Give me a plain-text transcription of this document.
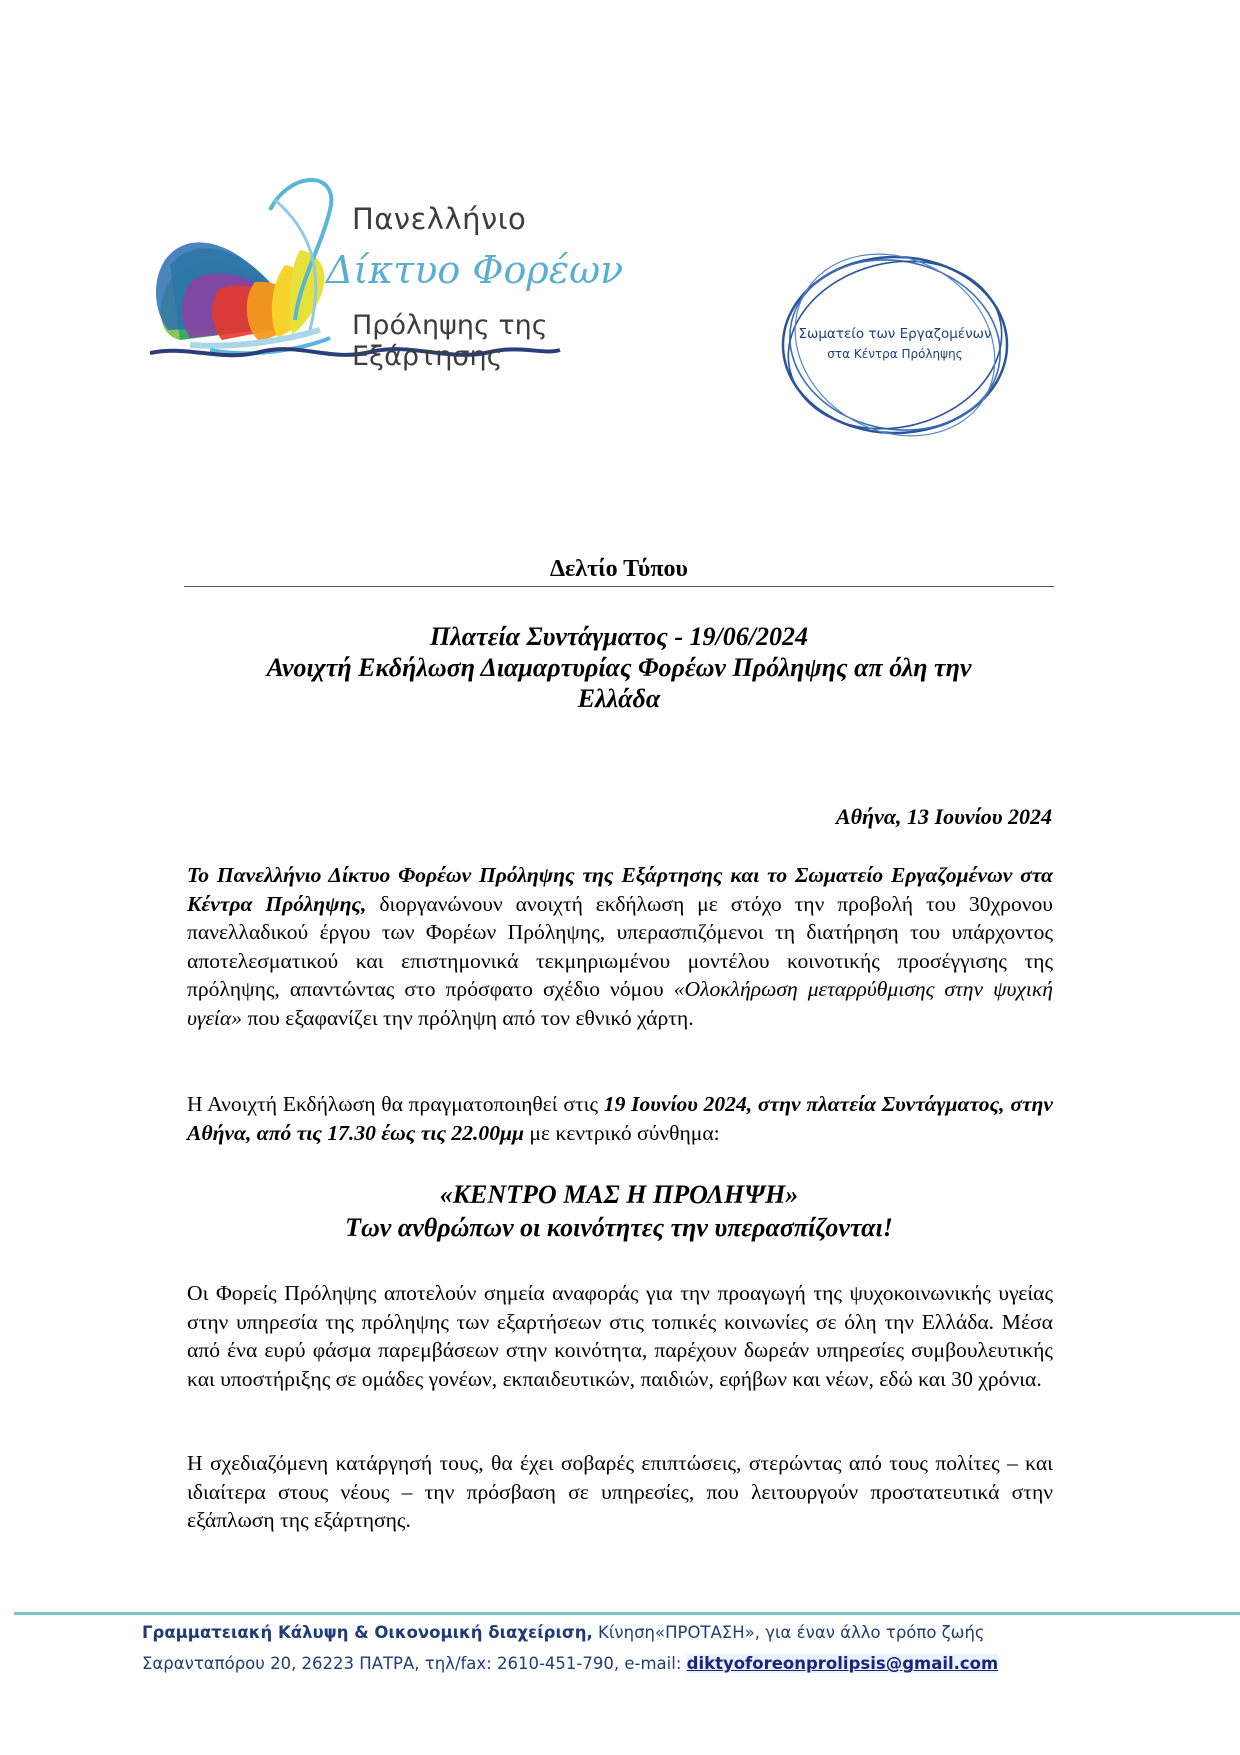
Πανελλήνιο
Δίκτυο Φορέων
Πρόληψης της Εξάρτησης
Σωματείο των Εργαζομένων
στα Κέντρα Πρόληψης
Δελτίο Τύπου
Πλατεία Συντάγματος - 19/06/2024
Ανοιχτή Εκδήλωση Διαμαρτυρίας Φορέων Πρόληψης απ όλη την
Ελλάδα
Αθήνα, 13 Ιουνίου 2024
Το Πανελλήνιο Δίκτυο Φορέων Πρόληψης της Εξάρτησης και το Σωματείο Εργαζομένων στα Κέντρα Πρόληψης, διοργανώνουν ανοιχτή εκδήλωση με στόχο την προβολή του 30χρονου πανελλαδικού έργου των Φορέων Πρόληψης, υπερασπιζόμενοι τη διατήρηση του υπάρχοντος αποτελεσματικού και επιστημονικά τεκμηριωμένου μοντέλου κοινοτικής προσέγγισης της πρόληψης, απαντώντας στο πρόσφατο σχέδιο νόμου «Ολοκλήρωση μεταρρύθμισης στην ψυχική υγεία» που εξαφανίζει την πρόληψη από τον εθνικό χάρτη.
Η Ανοιχτή Εκδήλωση θα πραγματοποιηθεί στις 19 Ιουνίου 2024, στην πλατεία Συντάγματος, στην Αθήνα, από τις 17.30 έως τις 22.00μμ με κεντρικό σύνθημα:
«ΚΕΝΤΡΟ ΜΑΣ Η ΠΡΟΛΗΨΗ»
Των ανθρώπων οι κοινότητες την υπερασπίζονται!
Οι Φορείς Πρόληψης αποτελούν σημεία αναφοράς για την προαγωγή της ψυχοκοινωνικής υγείας στην υπηρεσία της πρόληψης των εξαρτήσεων στις τοπικές κοινωνίες σε όλη την Ελλάδα. Μέσα από ένα ευρύ φάσμα παρεμβάσεων στην κοινότητα, παρέχουν δωρεάν υπηρεσίες συμβουλευτικής και υποστήριξης σε ομάδες γονέων, εκπαιδευτικών, παιδιών, εφήβων και νέων, εδώ και 30 χρόνια.
Η σχεδιαζόμενη κατάργησή τους, θα έχει σοβαρές επιπτώσεις, στερώντας από τους πολίτες – και ιδιαίτερα στους νέους – την πρόσβαση σε υπηρεσίες, που λειτουργούν προστατευτικά στην εξάπλωση της εξάρτησης.
Γραμματειακή Κάλυψη & Οικονομική διαχείριση, Κίνηση«ΠΡΟΤΑΣΗ», για έναν άλλο τρόπο ζωής
Σαρανταπόρου 20, 26223 ΠΑΤΡΑ, τηλ/fax: 2610-451-790, e-mail: diktyoforeonprolipsis@gmail.com
